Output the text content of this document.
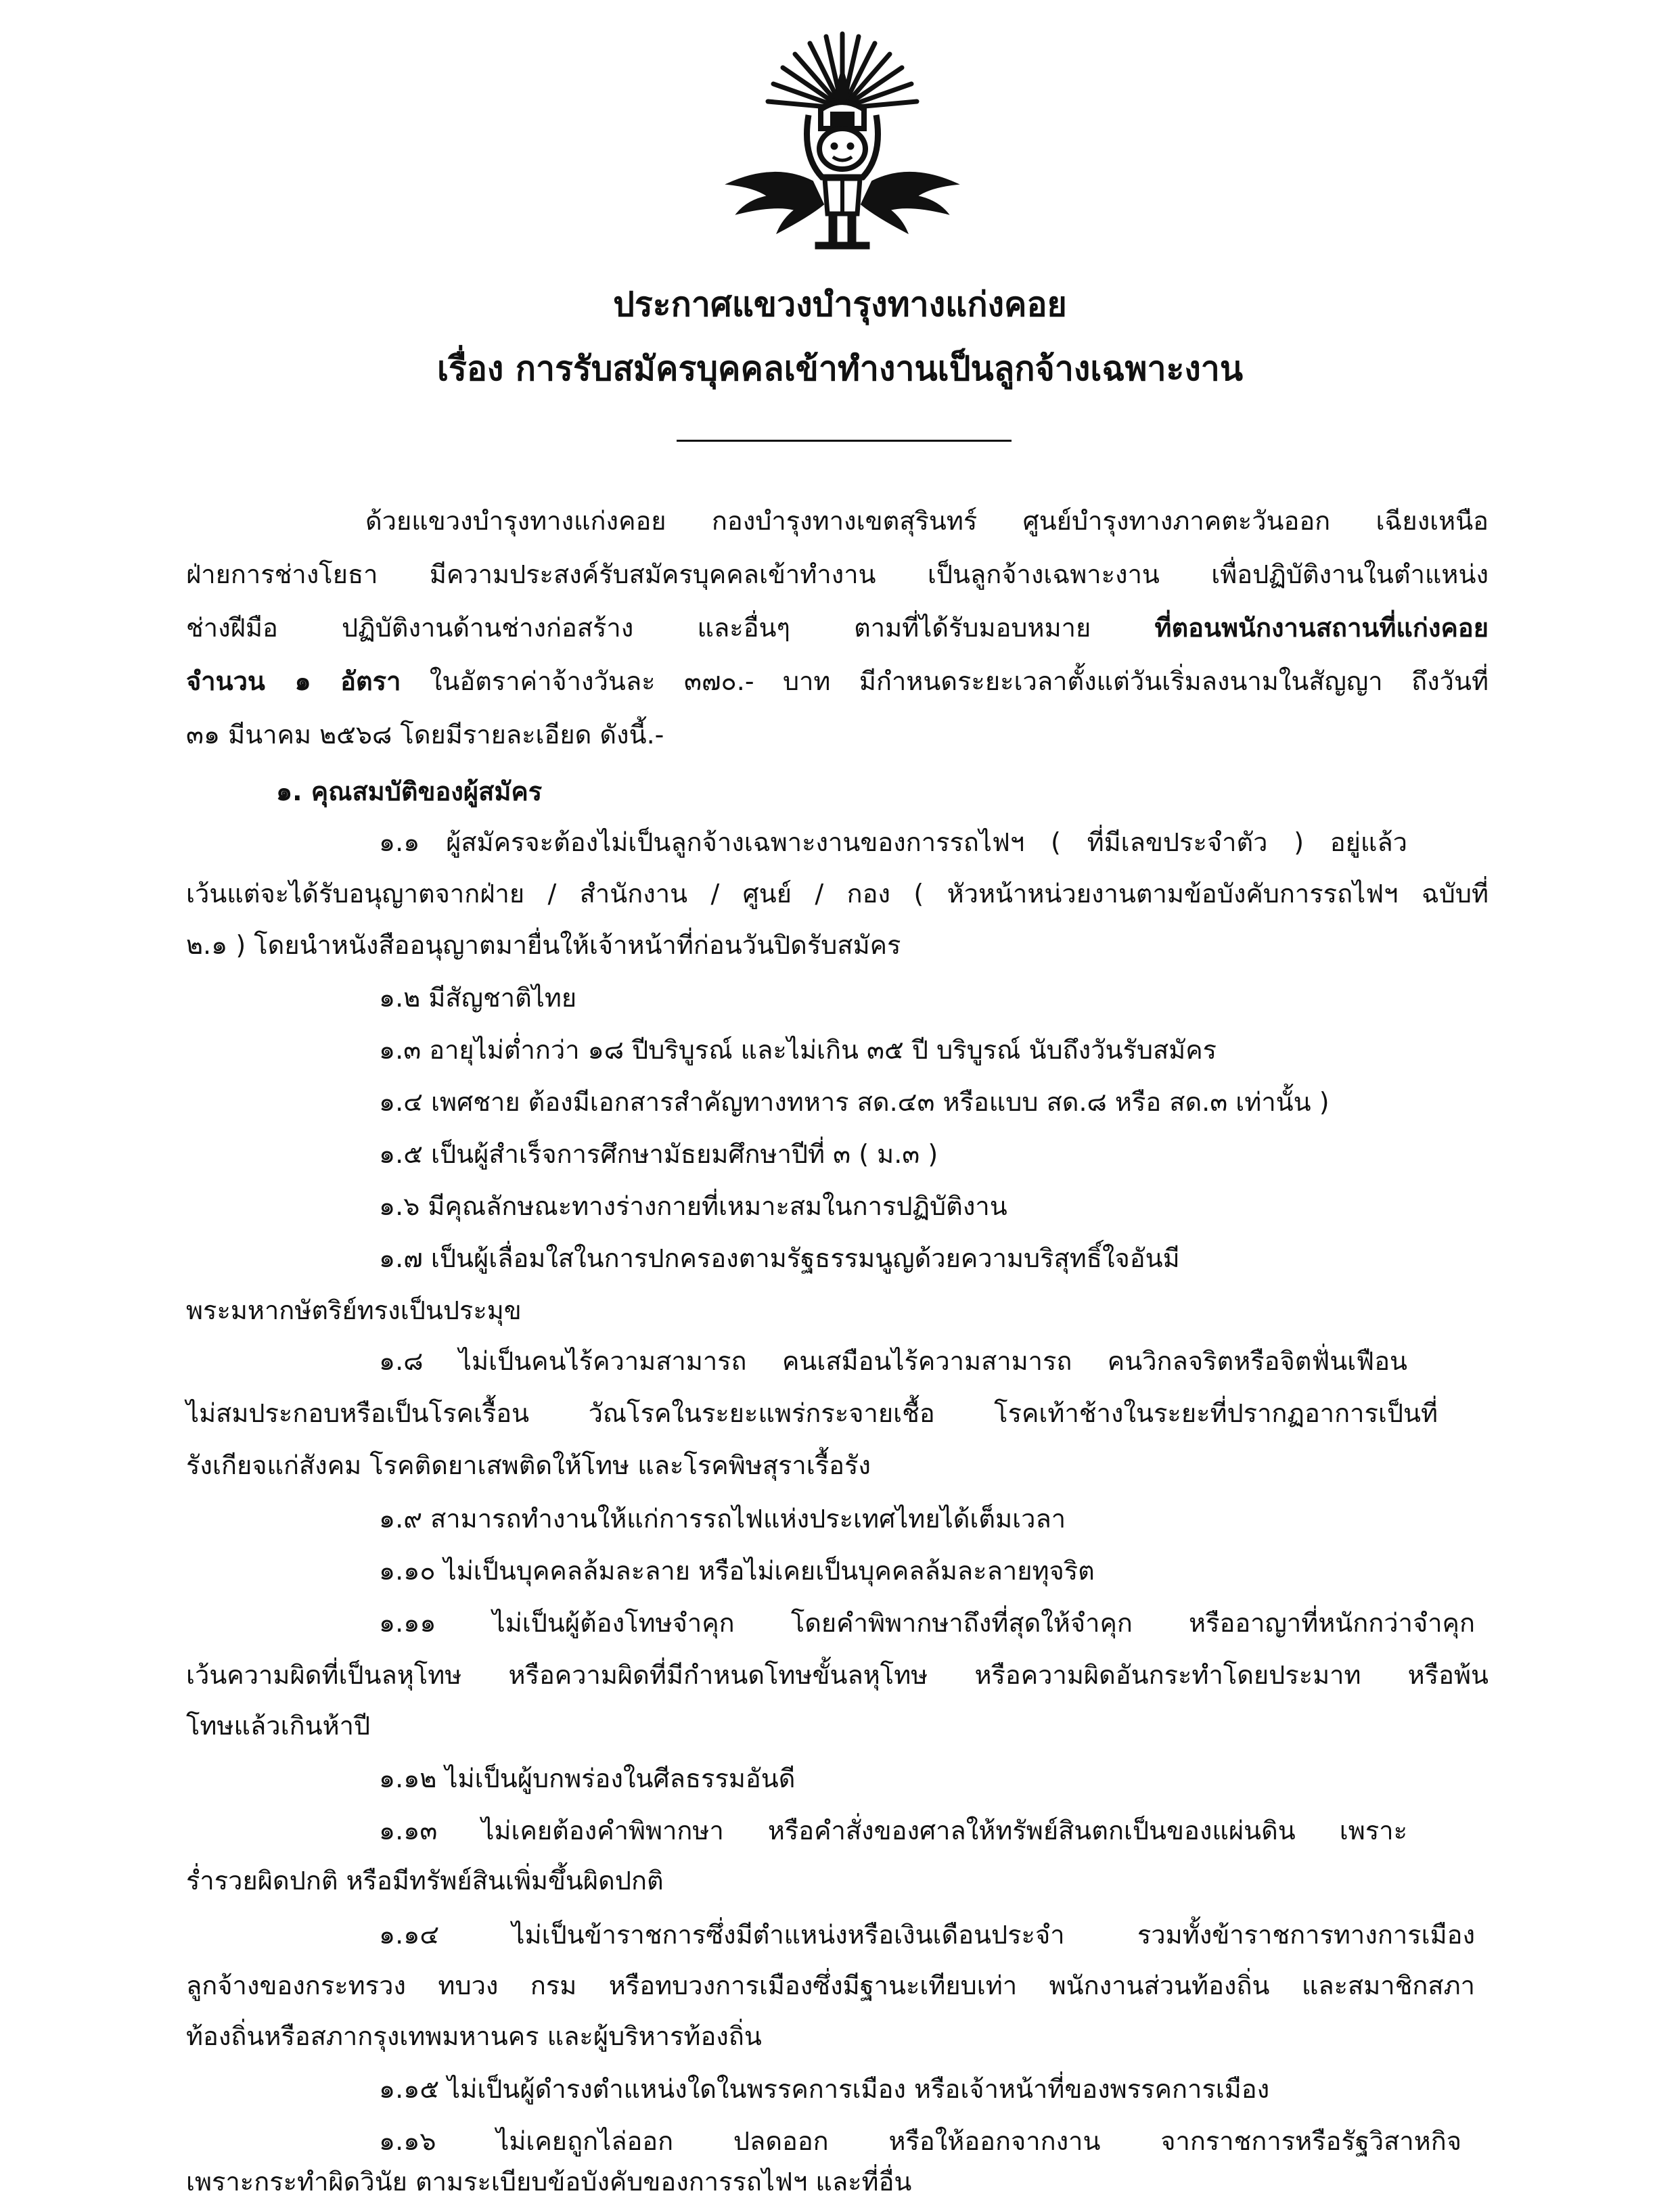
ประกาศแขวงบำรุงทางแก่งคอย
เรื่อง การรับสมัครบุคคลเข้าทำงานเป็นลูกจ้างเฉพาะงาน
ด้วยแขวงบำรุงทางแก่งคอย กองบำรุงทางเขตสุรินทร์ ศูนย์บำรุงทางภาคตะวันออก เฉียงเหนือ
ฝ่ายการช่างโยธา มีความประสงค์รับสมัครบุคคลเข้าทำงาน เป็นลูกจ้างเฉพาะงาน เพื่อปฏิบัติงานในตำแหน่ง
ช่างฝีมือ ปฏิบัติงานด้านช่างก่อสร้าง และอื่นๆ ตามที่ได้รับมอบหมาย ที่ตอนพนักงานสถานที่แก่งคอย
จำนวน ๑ อัตรา ในอัตราค่าจ้างวันละ ๓๗๐.- บาท มีกำหนดระยะเวลาตั้งแต่วันเริ่มลงนามในสัญญา ถึงวันที่
๓๑ มีนาคม ๒๕๖๘ โดยมีรายละเอียด ดังนี้.-
๑. คุณสมบัติของผู้สมัคร
๑.๑ ผู้สมัครจะต้องไม่เป็นลูกจ้างเฉพาะงานของการรถไฟฯ ( ที่มีเลขประจำตัว ) อยู่แล้ว
เว้นแต่จะได้รับอนุญาตจากฝ่าย / สำนักงาน / ศูนย์ / กอง ( หัวหน้าหน่วยงานตามข้อบังคับการรถไฟฯ ฉบับที่
๒.๑ ) โดยนำหนังสืออนุญาตมายื่นให้เจ้าหน้าที่ก่อนวันปิดรับสมัคร
๑.๒ มีสัญชาติไทย
๑.๓ อายุไม่ต่ำกว่า ๑๘ ปีบริบูรณ์ และไม่เกิน ๓๕ ปี บริบูรณ์ นับถึงวันรับสมัคร
๑.๔ เพศชาย ต้องมีเอกสารสำคัญทางทหาร สด.๔๓ หรือแบบ สด.๘ หรือ สด.๓ เท่านั้น )
๑.๕ เป็นผู้สำเร็จการศึกษามัธยมศึกษาปีที่ ๓ ( ม.๓ )
๑.๖ มีคุณลักษณะทางร่างกายที่เหมาะสมในการปฏิบัติงาน
๑.๗ เป็นผู้เลื่อมใสในการปกครองตามรัฐธรรมนูญด้วยความบริสุทธิ์ใจอันมี
พระมหากษัตริย์ทรงเป็นประมุข
๑.๘ ไม่เป็นคนไร้ความสามารถ คนเสมือนไร้ความสามารถ คนวิกลจริตหรือจิตฟั่นเฟือน
ไม่สมประกอบหรือเป็นโรคเรื้อน วัณโรคในระยะแพร่กระจายเชื้อ โรคเท้าช้างในระยะที่ปรากฏอาการเป็นที่
รังเกียจแก่สังคม โรคติดยาเสพติดให้โทษ และโรคพิษสุราเรื้อรัง
๑.๙ สามารถทำงานให้แก่การรถไฟแห่งประเทศไทยได้เต็มเวลา
๑.๑๐ ไม่เป็นบุคคลล้มละลาย หรือไม่เคยเป็นบุคคลล้มละลายทุจริต
๑.๑๑ ไม่เป็นผู้ต้องโทษจำคุก โดยคำพิพากษาถึงที่สุดให้จำคุก หรืออาญาที่หนักกว่าจำคุก
เว้นความผิดที่เป็นลหุโทษ หรือความผิดที่มีกำหนดโทษขั้นลหุโทษ หรือความผิดอันกระทำโดยประมาท หรือพ้น
โทษแล้วเกินห้าปี
๑.๑๒ ไม่เป็นผู้บกพร่องในศีลธรรมอันดี
๑.๑๓ ไม่เคยต้องคำพิพากษา หรือคำสั่งของศาลให้ทรัพย์สินตกเป็นของแผ่นดิน เพราะ
ร่ำรวยผิดปกติ หรือมีทรัพย์สินเพิ่มขึ้นผิดปกติ
๑.๑๔ ไม่เป็นข้าราชการซึ่งมีตำแหน่งหรือเงินเดือนประจำ รวมทั้งข้าราชการทางการเมือง
ลูกจ้างของกระทรวง ทบวง กรม หรือทบวงการเมืองซึ่งมีฐานะเทียบเท่า พนักงานส่วนท้องถิ่น และสมาชิกสภา
ท้องถิ่นหรือสภากรุงเทพมหานคร และผู้บริหารท้องถิ่น
๑.๑๕ ไม่เป็นผู้ดำรงตำแหน่งใดในพรรคการเมือง หรือเจ้าหน้าที่ของพรรคการเมือง
๑.๑๖ ไม่เคยถูกไล่ออก ปลดออก หรือให้ออกจากงาน จากราชการหรือรัฐวิสาหกิจ
เพราะกระทำผิดวินัย ตามระเบียบข้อบังคับของการรถไฟฯ และที่อื่น
